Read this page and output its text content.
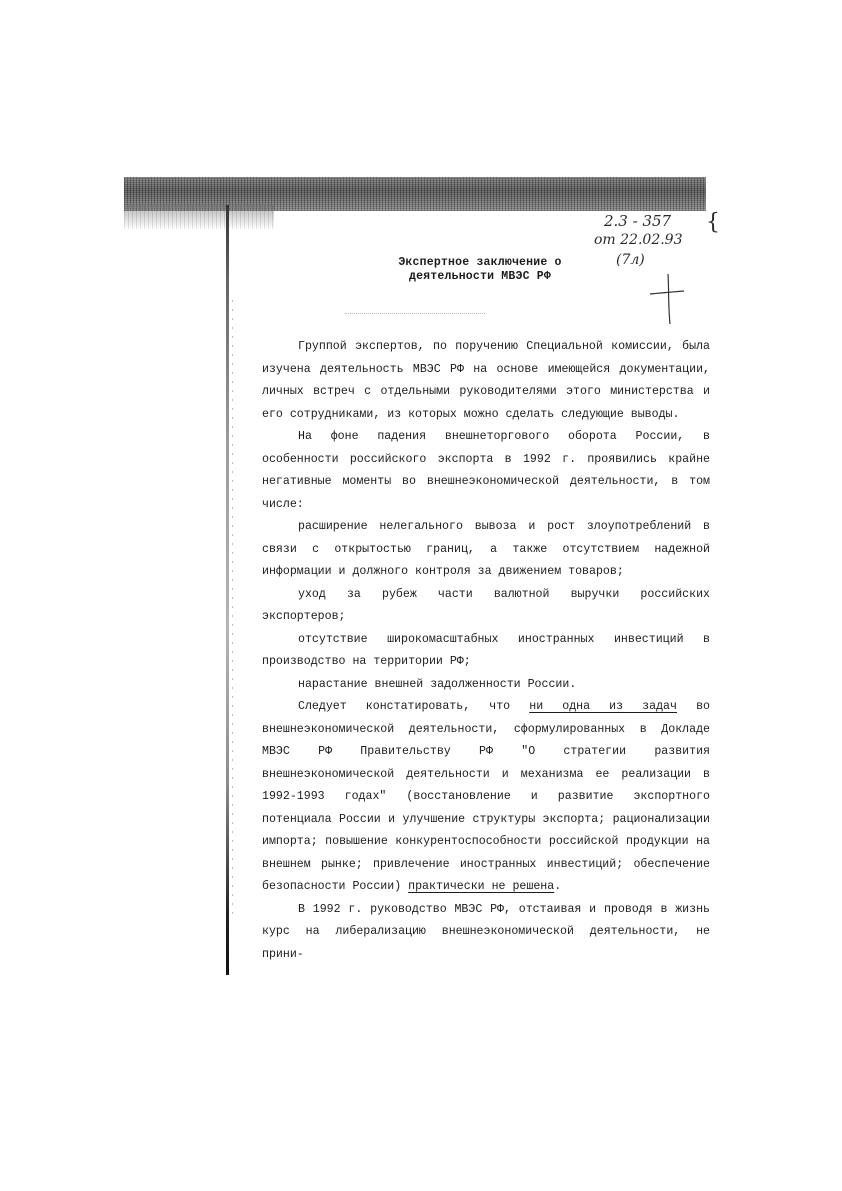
2.3 - 357
от 22.02.93
(7л)
{
Экспертное заключение о
деятельности МВЭС РФ

Группой экспертов, по поручению Специальной комиссии, была изучена деятельность МВЭС РФ на основе имеющейся документации, личных встреч с отдельными руководителями этого министерства и его сотрудниками, из которых можно сделать следующие выводы.

На фоне падения внешнеторгового оборота России, в особенности российского экспорта в 1992 г. проявились крайне негативные моменты во внешнеэкономической деятельности, в том числе:

расширение нелегального вывоза и рост злоупотреблений в связи с открытостью границ, а также отсутствием надежной информации и должного контроля за движением товаров;

уход за рубеж части валютной выручки российских экспортеров;

отсутствие широкомасштабных иностранных инвестиций в производство на территории РФ;

нарастание внешней задолженности России.

Следует констатировать, что ни одна из задач во внешнеэкономической деятельности, сформулированных в Докладе МВЭС РФ Правительству РФ "О стратегии развития внешнеэкономической деятельности и механизма ее реализации в 1992-1993 годах" (восстановление и развитие экспортного потенциала России и улучшение структуры экспорта; рационализации импорта; повышение конкурентоспособности российской продукции на внешнем рынке; привлечение иностранных инвестиций; обеспечение безопасности России) практически не решена.

В 1992 г. руководство МВЭС РФ, отстаивая и проводя в жизнь курс на либерализацию внешнеэкономической деятельности, не прини-
